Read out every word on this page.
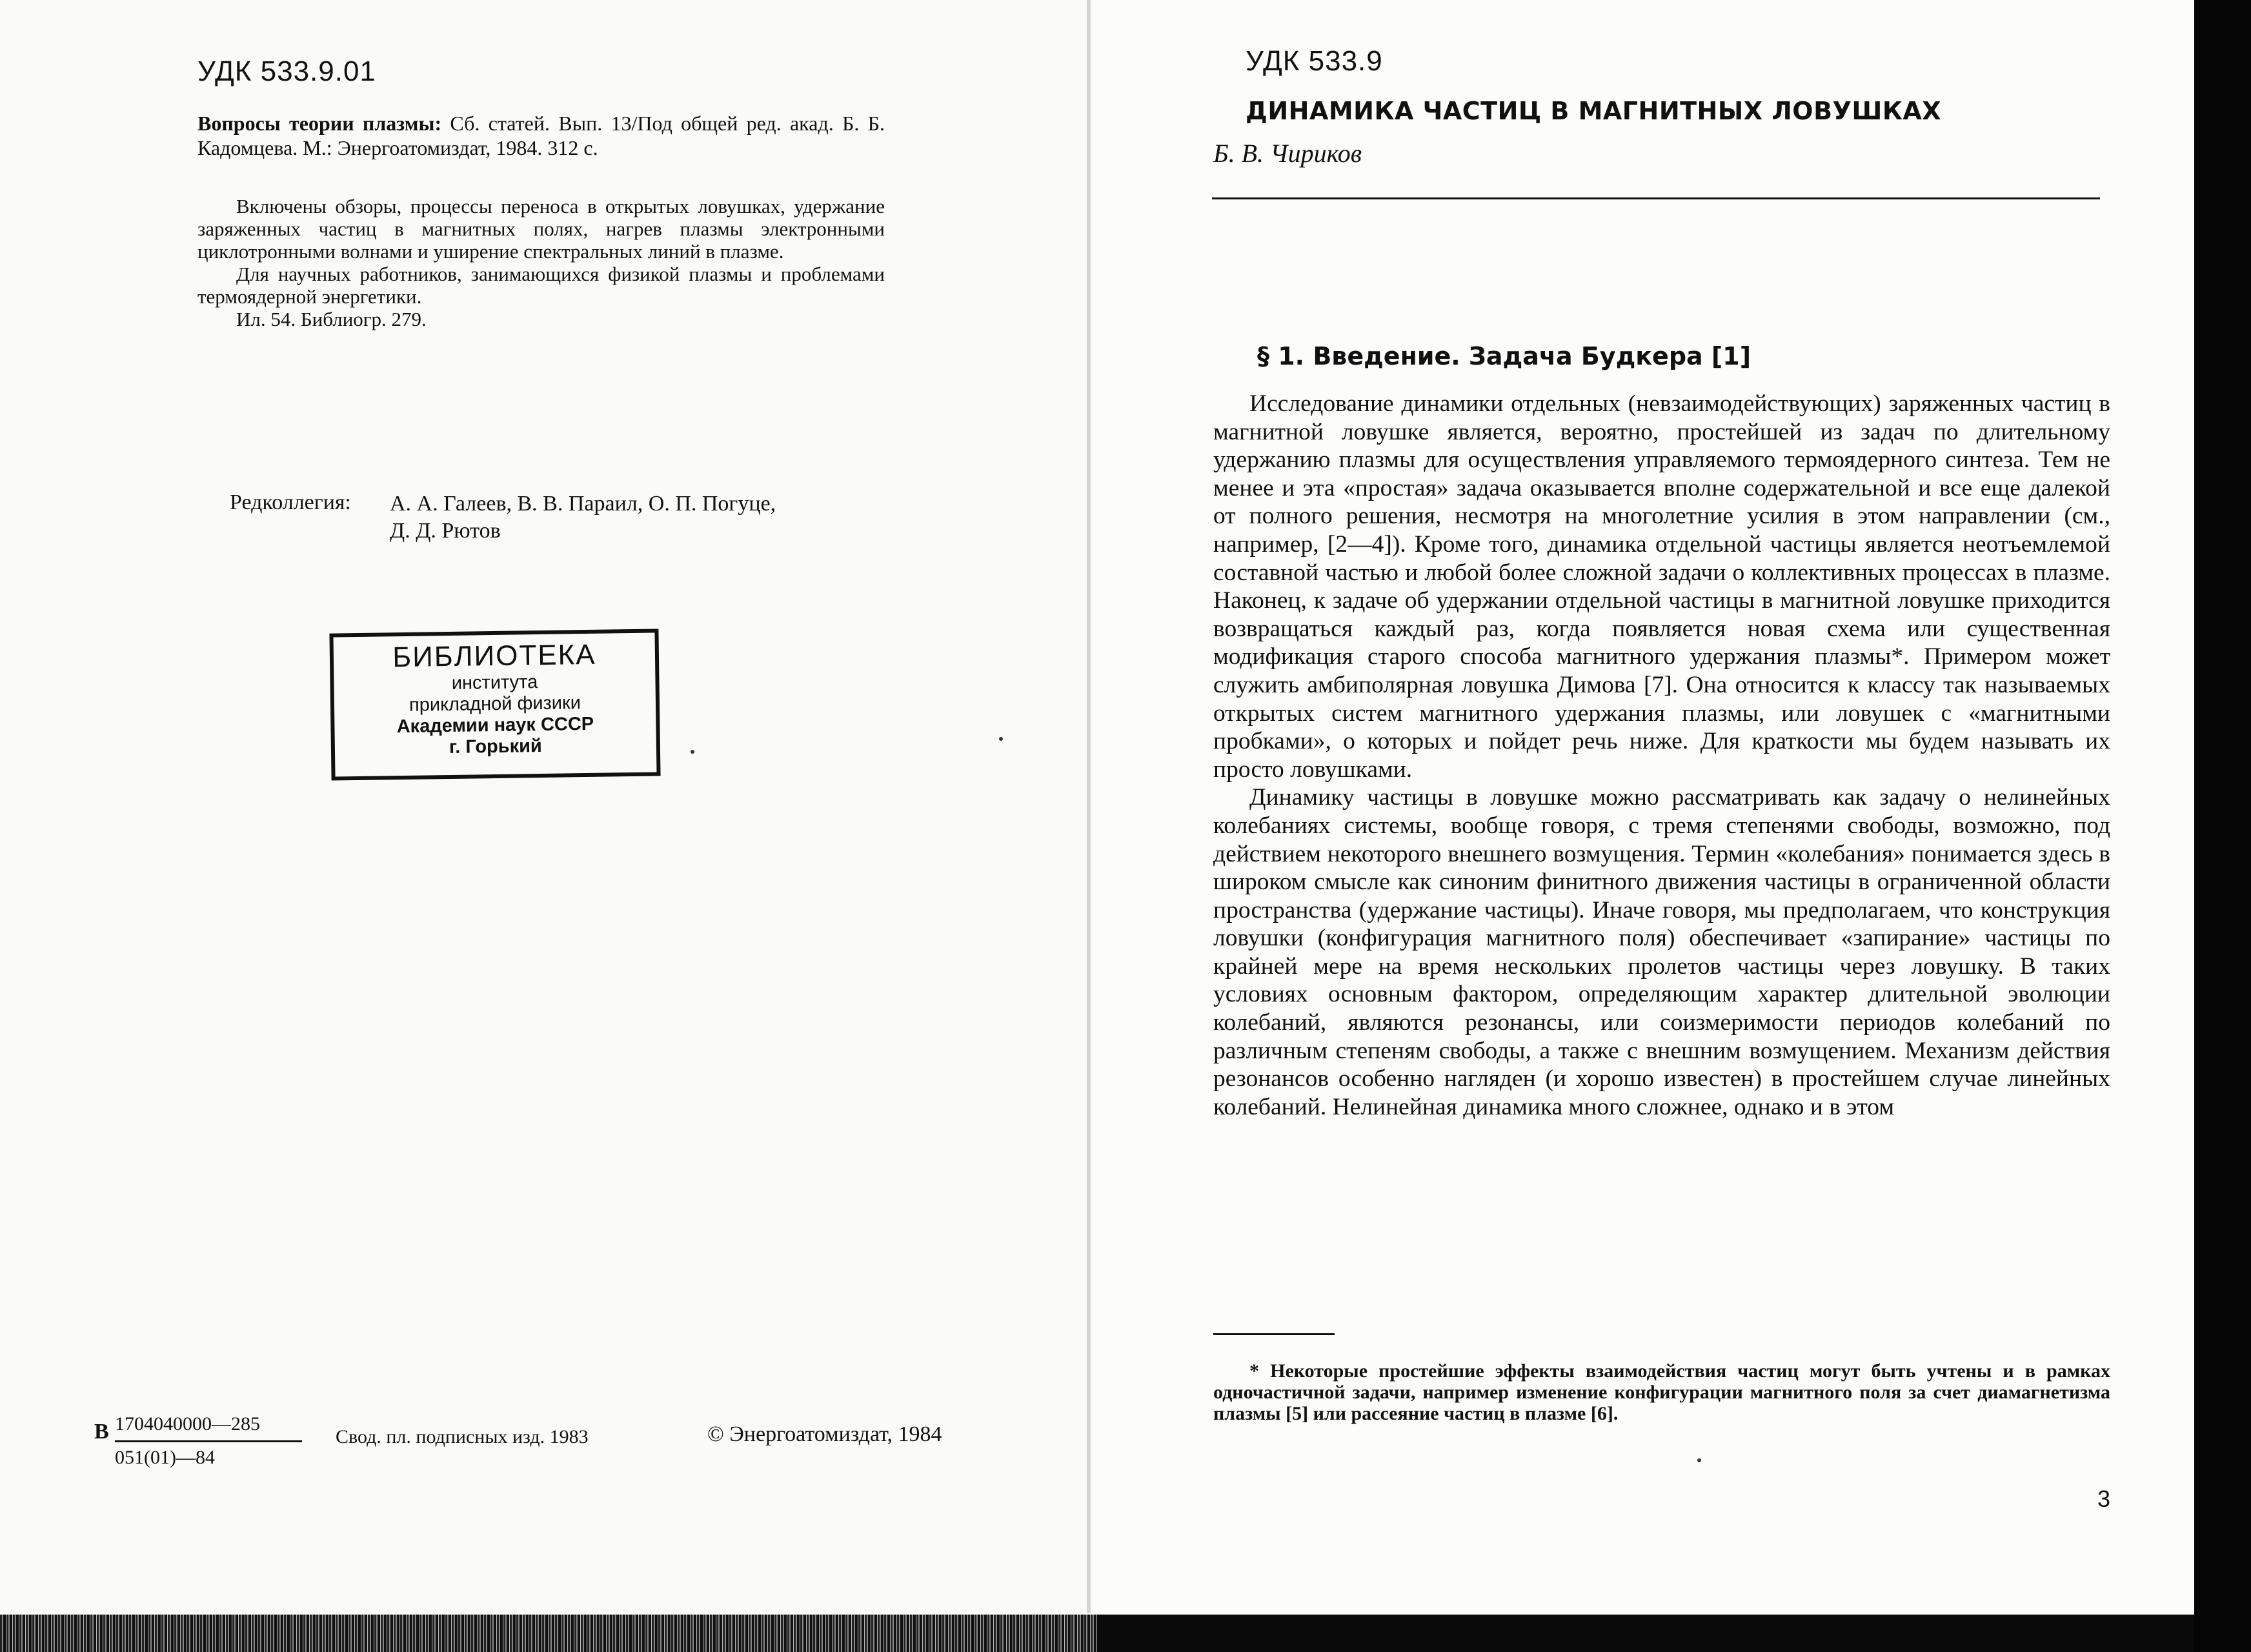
УДК 533.9.01
Вопросы теории плазмы: Сб. статей. Вып. 13/Под общей ред. акад. Б. Б. Кадомцева. М.: Энергоатомиздат, 1984. 312 с.

Включены обзоры, процессы переноса в открытых ловушках, удержание заряженных частиц в магнитных полях, нагрев плазмы электронными циклотронными волнами и уширение спектральных линий в плазме.

Для научных работников, занимающихся физикой плазмы и проблемами термоядерной энергетики.

Ил. 54. Библиогр. 279.

Редколлегия: А. А. Галеев, В. В. Параил, О. П. Погуце,
Д. Д. Рютов
БИБЛИОТЕКА
института
прикладной физики
Академии наук СССР
г. Горький
В 1704040000—285
051(01)—84
Свод. пл. подписных изд. 1983	© Энергоатомиздат, 1984
УДК 533.9
ДИНАМИКА ЧАСТИЦ В МАГНИТНЫХ ЛОВУШКАХ
Б. В. Чириков
§ 1. Введение. Задача Будкера [1]

Исследование динамики отдельных (невзаимодействующих) заряженных частиц в магнитной ловушке является, вероятно, простейшей из задач по длительному удержанию плазмы для осуществления управляемого термоядерного синтеза. Тем не менее и эта «простая» задача оказывается вполне содержательной и все еще далекой от полного решения, несмотря на многолетние усилия в этом направлении (см., например, [2—4]). Кроме того, динамика отдельной частицы является неотъемлемой составной частью и любой более сложной задачи о коллективных процессах в плазме. Наконец, к задаче об удержании отдельной частицы в магнитной ловушке приходится возвращаться каждый раз, когда появляется новая схема или существенная модификация старого способа магнитного удержания плазмы*. Примером может служить амбиполярная ловушка Димова [7]. Она относится к классу так называемых открытых систем магнитного удержания плазмы, или ловушек с «магнитными пробками», о которых и пойдет речь ниже. Для краткости мы будем называть их просто ловушками.

Динамику частицы в ловушке можно рассматривать как задачу о нелинейных колебаниях системы, вообще говоря, с тремя степенями свободы, возможно, под действием некоторого внешнего возмущения. Термин «колебания» понимается здесь в широком смысле как синоним финитного движения частицы в ограниченной области пространства (удержание частицы). Иначе говоря, мы предполагаем, что конструкция ловушки (конфигурация магнитного поля) обеспечивает «запирание» частицы по крайней мере на время нескольких пролетов частицы через ловушку. В таких условиях основным фактором, определяющим характер длительной эволюции колебаний, являются резонансы, или соизмеримости периодов колебаний по различным степеням свободы, а также с внешним возмущением. Механизм действия резонансов особенно нагляден (и хорошо известен) в простейшем случае линейных колебаний. Нелинейная динамика много сложнее, однако и в этом

* Некоторые простейшие эффекты взаимодействия частиц могут быть учтены и в рамках одночастичной задачи, например изменение конфигурации магнитного поля за счет диамагнетизма плазмы [5] или рассеяние частиц в плазме [6].

3
